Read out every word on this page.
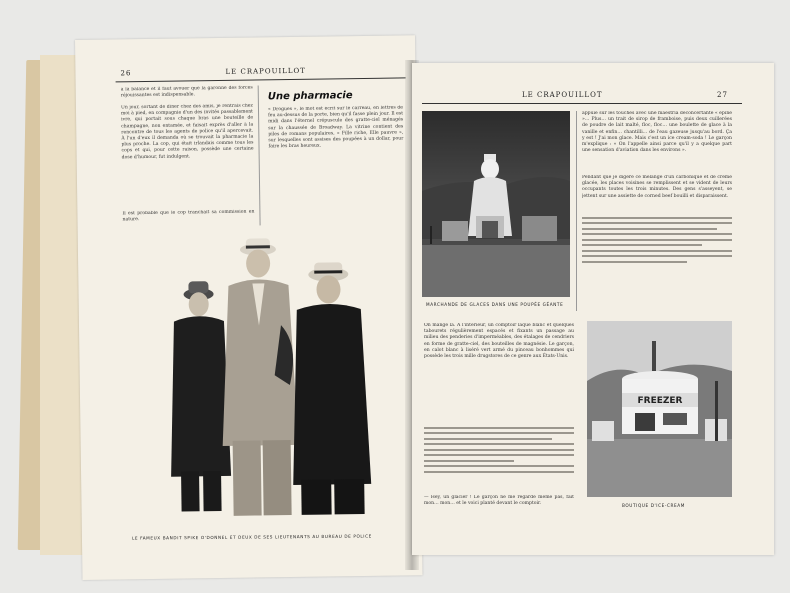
26	LE CRAPOUILLOT
à la balance et il faut avouer que la garonne des forces réjouissantes est indispensable.
Un jour, sortant de dîner chez des amis, je rentrais chez moi à pied, en compagnie d'un des invités passablement ivre, qui portait sous chaque bras une bouteille de champagne, non entamée, et faisait exprès d'aller à la rencontre de tous les agents de police qu'il apercevait. À l'un d'eux il demanda où se trouvait la pharmacie la plus proche. La cop, qui était irlandais comme tous les cops et qui, pour cette raison, possède une certaine dose d'humour, fut indulgent.
Il est probable que le cop tranchait sa commission en nature.
Une pharmacie
« Drogues », le mot est écrit sur le carreau, en lettres de feu au-dessus de la porte, bien qu'il fasse plein jour. Il est midi dans l'éternel crépuscule des gratte-ciel ménagés sur la chaussée de Broadway. La vitrine contient des piles de romans populaires, « Fille riche, Elle pauvre », sur lesquelles sont assises des poupées à un dollar, pour faire les bras heureux.
LE FAMEUX BANDIT SPIKE O'DONNEL ET DEUX DE SES LIEUTENANTS AU BUREAU DE POLICE
LE CRAPOUILLOT	27
MARCHANDE DE GLACES DANS UNE POUPÉE GÉANTE
appuie sur les touches avec une maestria déconcertante « épiné »… Plus… un trait de sirop de framboise, puis deux cuillerées de poudre de lait malté, floc, floc… une boulette de glace à la vanille et enfin… chantilli… de l'eau gazeuse jusqu'au bord. Ça y est ! J'ai mon glace. Mais c'est un ice cream-soda ! Le garçon m'explique : « On l'appelle ainsi parce qu'il y a quelque part une sensation d'aviation dans les environs ».
Pendant que je digère ce mélange d'un carbonique et de crème glacée, les places voisines se remplissent et se vident de leurs occupants toutes les trois minutes. Des gens s'asseyent, se jettent sur une assiette de corned beef bouilli et disparaissent.
On mange là. À l'intérieur, un comptoir laqué blanc et quelques tabourets régulièrement espacés et fixants un passage au milieu des penderies d'imperméables, des étalages de cendriers en forme de gratte-ciel, des bouteilles de magnésie. Le garçon, en calot blanc à liséré vert armé du pinceau bonhommes qui possède les trois mille drugstores de ce genre aux États-Unis.
— Hey, un glacier ! Le garçon ne me regarde même pas, fait mon… mon… et le voici planté devant le comptoir.
FREEZER
BOUTIQUE D'ICE-CREAM
